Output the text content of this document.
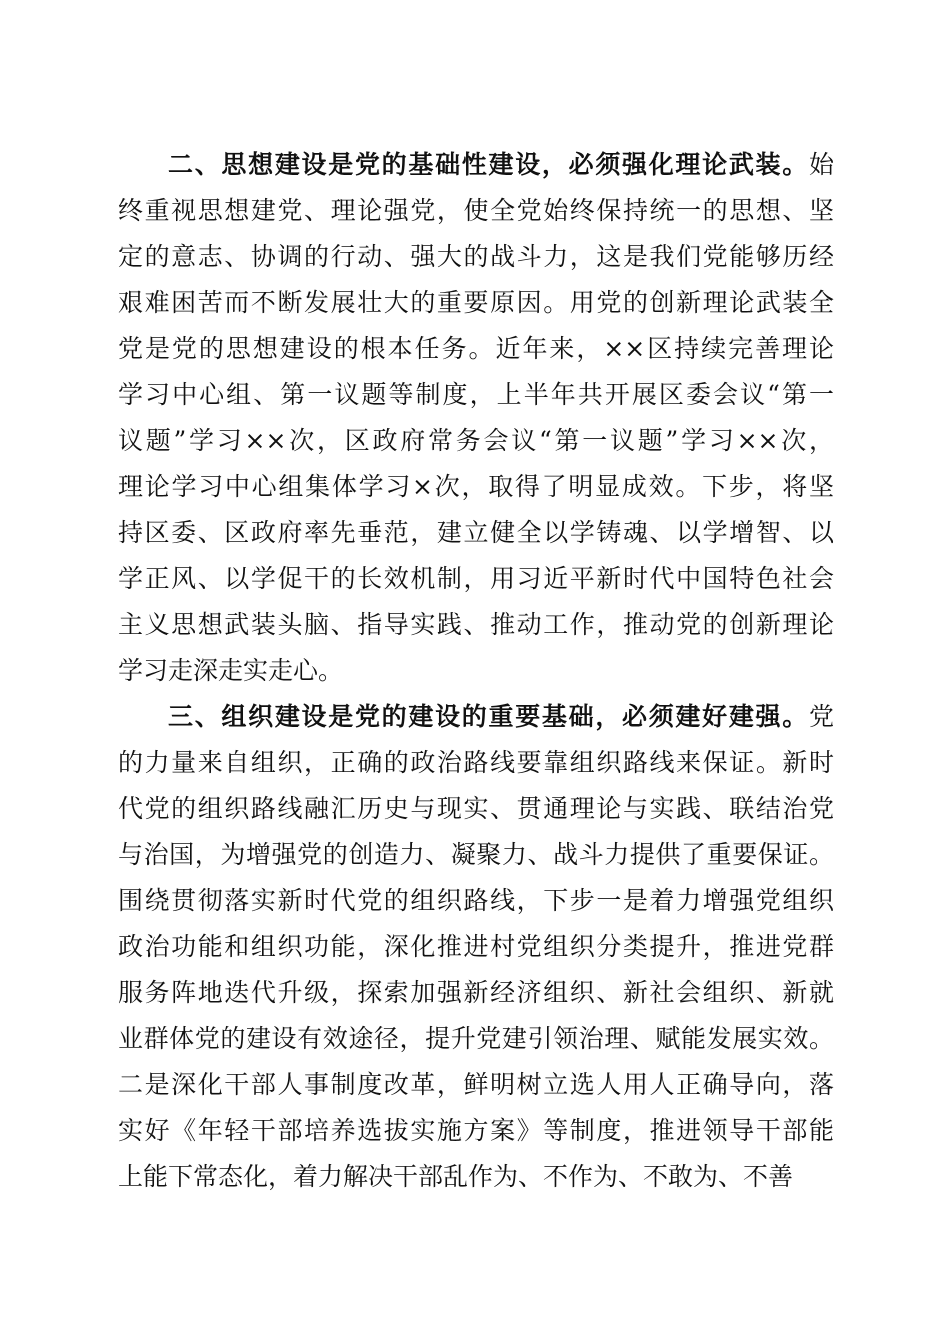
二、思想建设是党的基础性建设，必须强化理论武装。始
终重视思想建党、理论强党，使全党始终保持统一的思想、坚
定的意志、协调的行动、强大的战斗力，这是我们党能够历经
艰难困苦而不断发展壮大的重要原因。用党的创新理论武装全
党是党的思想建设的根本任务。近年来，××区持续完善理论
学习中心组、第一议题等制度，上半年共开展区委会议“第一
议题”学习××次，区政府常务会议“第一议题”学习××次，
理论学习中心组集体学习×次，取得了明显成效。下步，将坚
持区委、区政府率先垂范，建立健全以学铸魂、以学增智、以
学正风、以学促干的长效机制，用习近平新时代中国特色社会
主义思想武装头脑、指导实践、推动工作，推动党的创新理论
学习走深走实走心。
三、组织建设是党的建设的重要基础，必须建好建强。党
的力量来自组织，正确的政治路线要靠组织路线来保证。新时
代党的组织路线融汇历史与现实、贯通理论与实践、联结治党
与治国，为增强党的创造力、凝聚力、战斗力提供了重要保证。
围绕贯彻落实新时代党的组织路线，下步一是着力增强党组织
政治功能和组织功能，深化推进村党组织分类提升，推进党群
服务阵地迭代升级，探索加强新经济组织、新社会组织、新就
业群体党的建设有效途径，提升党建引领治理、赋能发展实效。
二是深化干部人事制度改革，鲜明树立选人用人正确导向，落
实好《年轻干部培养选拔实施方案》等制度，推进领导干部能
上能下常态化，着力解决干部乱作为、不作为、不敢为、不善
